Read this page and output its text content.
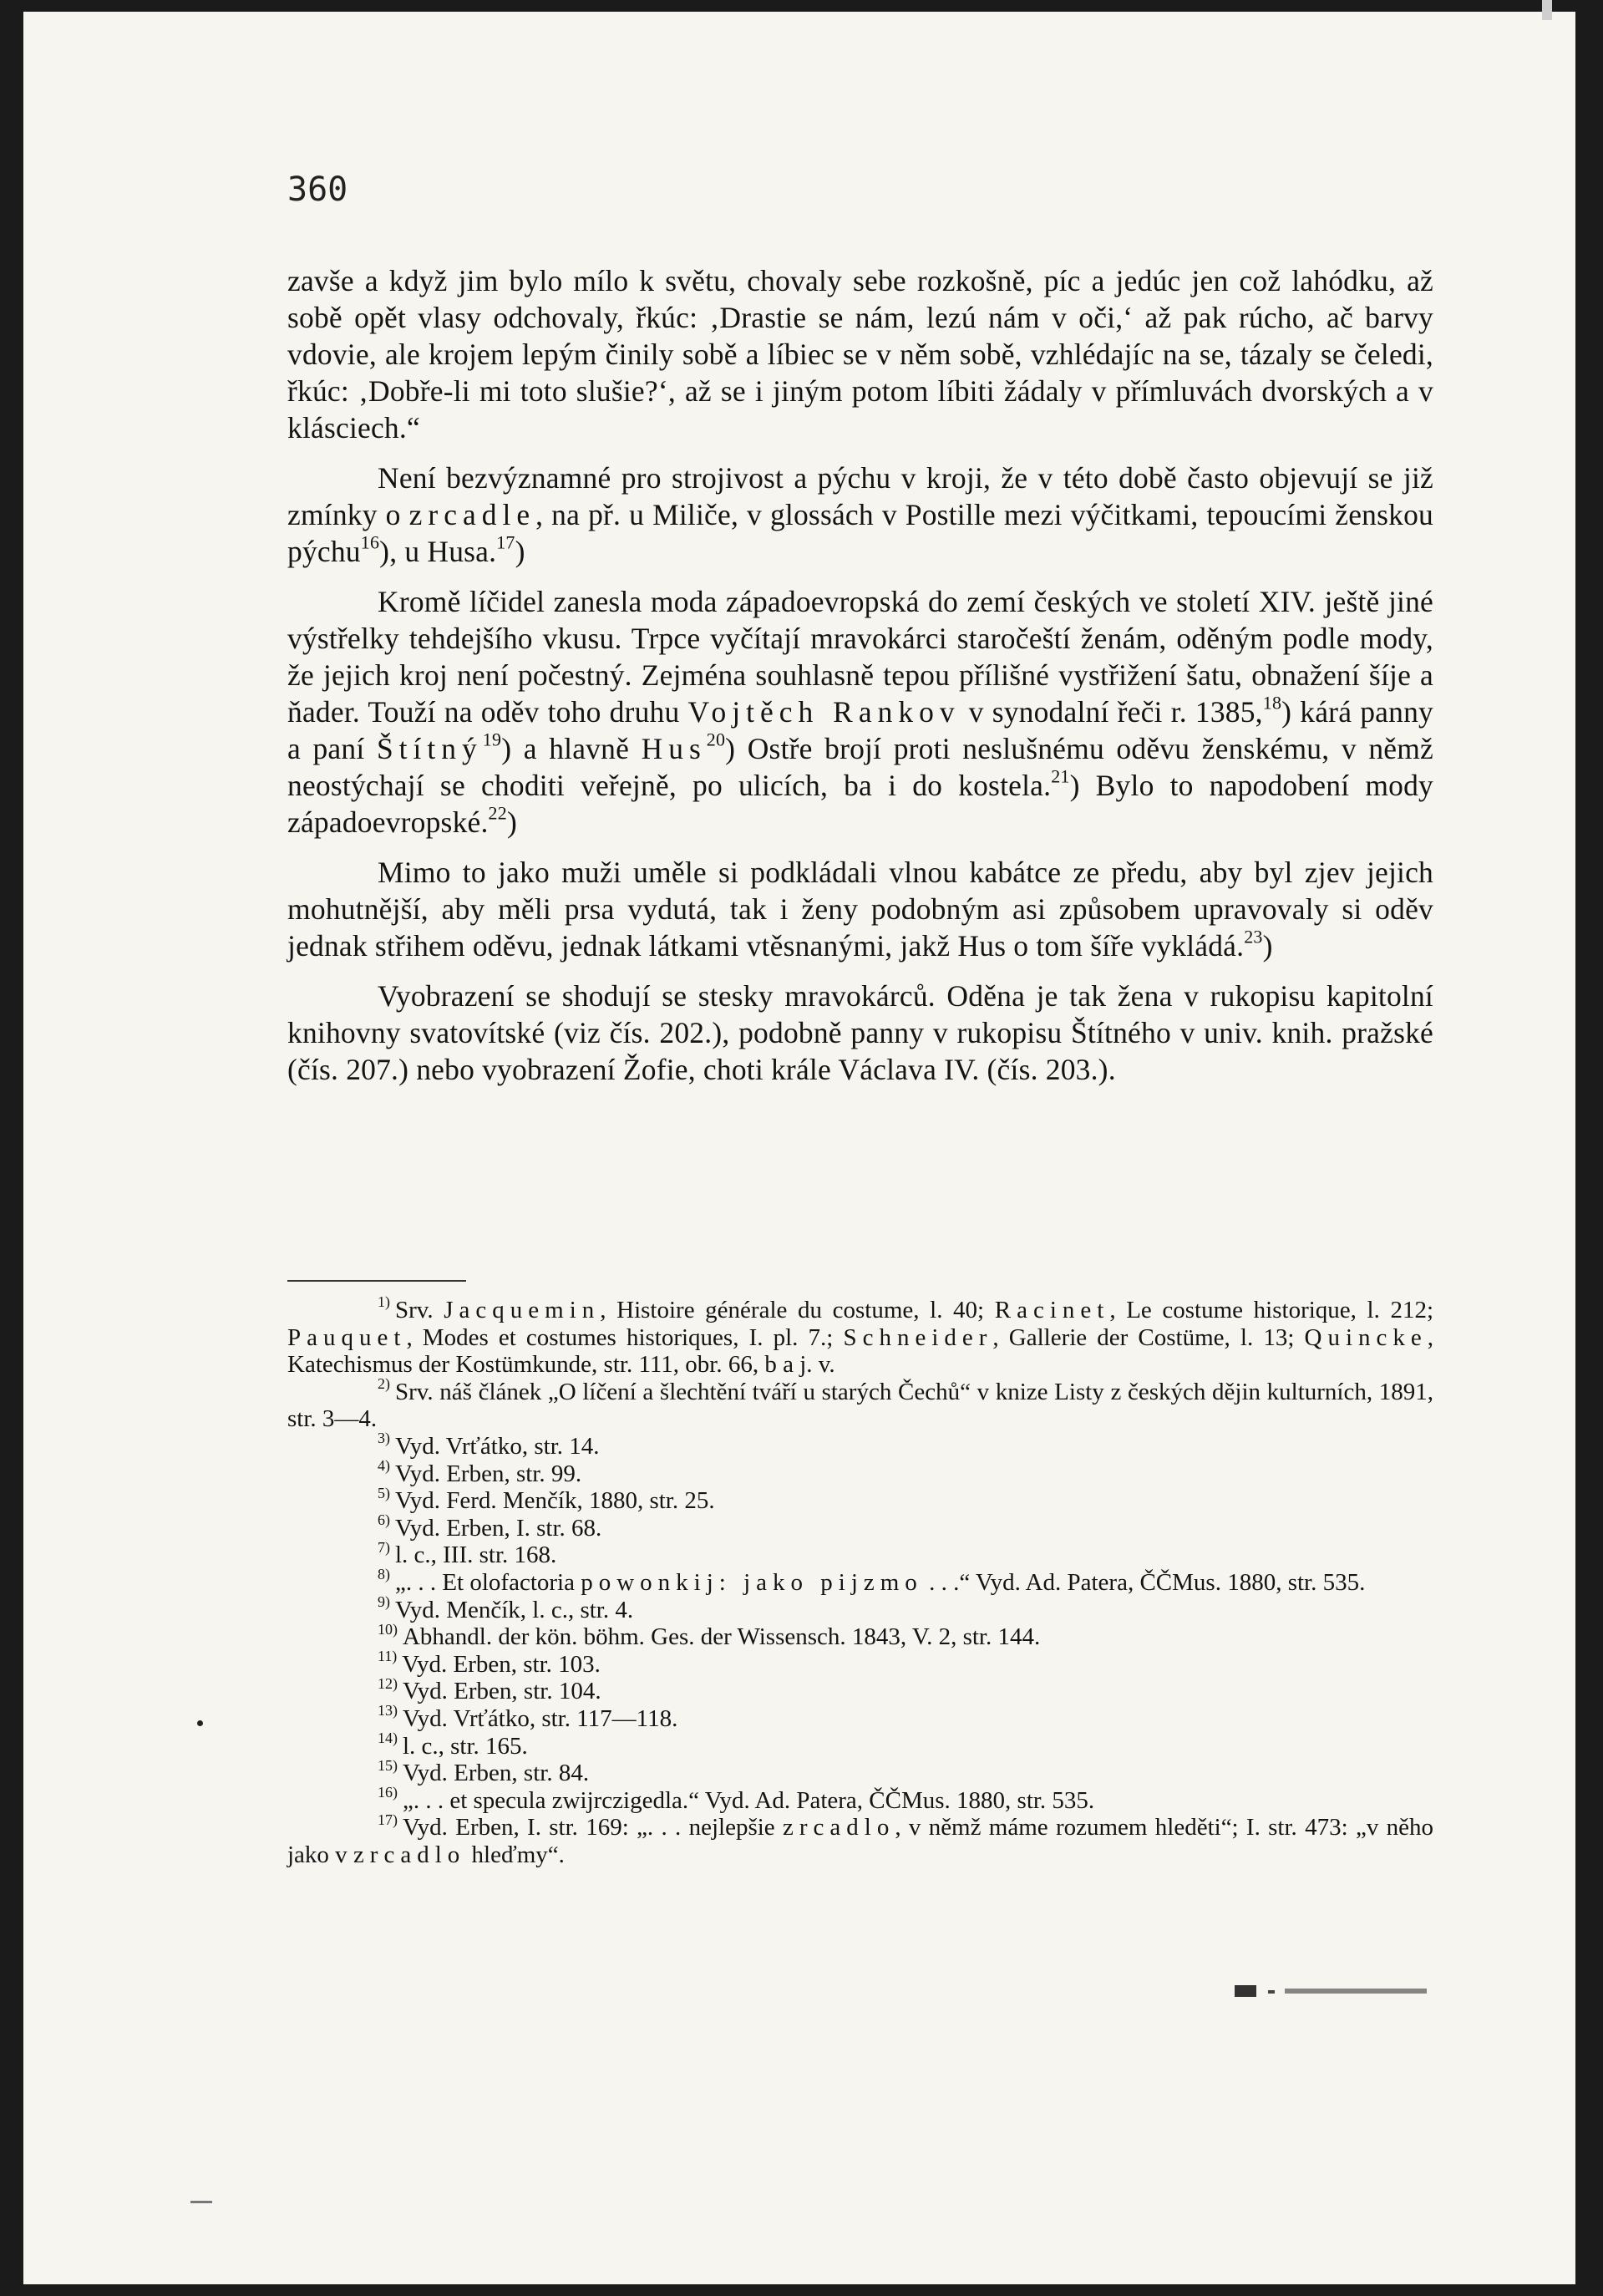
360

zavše a když jim bylo mílo k světu, chovaly sebe rozkošně, píc a jedúc jen což lahódku, až sobě opět vlasy odchovaly, řkúc: ‚Drastie se nám, lezú nám v oči,‘ až pak rúcho, ač barvy vdovie, ale krojem lepým činily sobě a líbiec se v něm sobě, vzhlédajíc na se, tázaly se čeledi, řkúc: ‚Dobře-li mi toto slušie?‘, až se i jiným potom líbiti žádaly v přímluvách dvorských a v klásciech.“

Není bezvýznamné pro strojivost a pýchu v kroji, že v této době často objevují se již zmínky o zrcadle, na př. u Miliče, v glossách v Postille mezi výčitkami, tepoucími ženskou pýchu$^{16}$), u Husa.$^{17}$)

Kromě líčidel zanesla moda západoevropská do zemí českých ve století XIV. ještě jiné výstřelky tehdejšího vkusu. Trpce vyčítají mravokárci staročeští ženám, oděným podle mody, že jejich kroj není počestný. Zejména souhlasně tepou přílišné vystřižení šatu, obnažení šíje a ňader. Touží na oděv toho druhu Vojtěch Rankov v synodalní řeči r. 1385,18) kárá panny a paní Štítný$^{19}$) a hlavně Hus$^{20}$) Ostře brojí proti neslušnému oděvu ženskému, v němž neostýchají se choditi veřejně, po ulicích, ba i do kostela.$^{21}$) Bylo to napodobení mody západoevropské.$^{22}$)

Mimo to jako muži uměle si podkládali vlnou kabátce ze předu, aby byl zjev jejich mohutnější, aby měli prsa vydutá, tak i ženy podobným asi způsobem upravovaly si oděv jednak střihem oděvu, jednak látkami vtěsnanými, jakž Hus o tom šíře vykládá.$^{23}$)

Vyobrazení se shodují se stesky mravokárců. Oděna je tak žena v rukopisu kapitolní knihovny svatovítské (viz čís. 202.), podobně panny v rukopisu Štítného v univ. knih. pražské (čís. 207.) nebo vyobrazení Žofie, choti krále Václava IV. (čís. 203.).

$^{1)}$ Srv. Jacquemin, Histoire générale du costume, l. 40; Racinet, Le costume historique, l. 212; Pauquet, Modes et costumes historiques, I. pl. 7.; Schneider, Gallerie der Costüme, l. 13; Quincke, Katechismus der Kostümkunde, str. 111, obr. 66, b a j. v.
$^{2)}$ Srv. náš článek „O líčení a šlechtění tváří u starých Čechů“ v knize Listy z českých dějin kulturních, 1891, str. 3—4.
$^{3)}$ Vyd. Vrťátko, str. 14.
$^{4)}$ Vyd. Erben, str. 99.
$^{5)}$ Vyd. Ferd. Menčík, 1880, str. 25.
$^{6)}$ Vyd. Erben, I. str. 68.
$^{7)}$ l. c., III. str. 168.
$^{8)}$ „. . . Et olofactoria powonkij: jako pijzmo . . .“ Vyd. Ad. Patera, ČČMus. 1880, str. 535.
$^{9)}$ Vyd. Menčík, l. c., str. 4.
$^{10)}$ Abhandl. der kön. böhm. Ges. der Wissensch. 1843, V. 2, str. 144.
$^{11)}$ Vyd. Erben, str. 103.
$^{12)}$ Vyd. Erben, str. 104.
$^{13)}$ Vyd. Vrťátko, str. 117—118.
$^{14)}$ l. c., str. 165.
$^{15)}$ Vyd. Erben, str. 84.
$^{16)}$ „. . . et specula zwijrczigedla.“ Vyd. Ad. Patera, ČČMus. 1880, str. 535.
$^{17)}$ Vyd. Erben, I. str. 169: „. . . nejlepšie zrcadlo, v němž máme rozumem hleděti“; I. str. 473: „v něho jako v zrcadlo hleďmy“.
